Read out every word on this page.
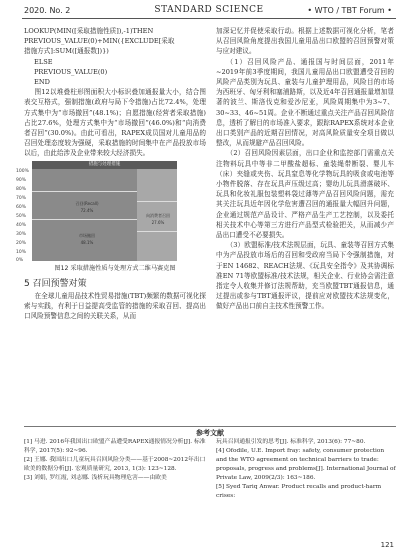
2020. No. 2	STANDARD SCIENCE	• WTO / TBT Forum •

LOOKUP(MIN([采取措施性质]),-1)THEN

PREVIOUS_VALUE(0)+MIN({EXCLUDE[采取

措施方式]:SUM([通报数])})

ELSE

PREVIOUS_VALUE(0)

END

图12以堆叠柱形图面积大小标识叠加通报量大小，结合图表交互格式，强制措施(政府与局下令措施)占比72.4%，处理方式集中为“市场撤回”(48.1%)；自愿措施(经营者采取措施)占比27.6%，处理方式集中为“市场撤回”(46.0%)和“向消费者召回”(30.0%)。由此可看出，RAPEX成员国对儿童用品的召回处理态度较为强硬，采取措施的时间集中在产品投放市场以后，由此给涉及企业带来较大经济损失。

措施与处理措施
召回(Recall)
72.4%
市场撤回
48.1%
向消费者召回
27.6%
100%
90%
80%
70%
60%
50%
40%
30%
20%
10%
0%

图12 采取措施性质与处理方式二维马赛克图

5 召回预警对策

在全球儿童用品技术性贸易措施(TBT)频繁的数据可视化探索与实践，有利于日益提高受监管的措施的采取召回、提高出口风险预警信息之间的关联关系，从而

加深记忆并促使采取行动。根据上述数据可视化分析，笔者从召回风险角度提出我国儿童用品出口欧盟的召回预警对策与应对建议。

（1）召回风险产品、通报国与时间层面，2011年~2019年前3季度期间，我国儿童用品出口欧盟遭受召回的风险产品类别为玩具、童装与儿童护理用品，风险目的市场为西班牙、匈牙利和塞浦路斯，以及近4年召回通报量增加显著的波兰、斯洛伐克和爱沙尼亚，风险周期集中为3~7、30~33、46~51周。企业不断通过重点关注产品召回风险信息，透析了解目的市场准入要求，跟踪RAPEX系统对本企业出口类别产品的近期召回情况，对高风险质量安全项目做以整改，从而规避产品召回风险。

（2）召回风险因素层面，出口企业和监控部门需重点关注物料玩具中等非二甲酸盐超标、童装绳带断裂、婴儿车（床）夹缝或夹伤、玩具窒息等化学物玩具的吸食或电池等小物件脱落、存在玩具声压级过高；婴幼儿玩具滑落破坏、玩具和化妆礼服包装塑料袋过薄等产品召回风险问题，需充其关注玩具近年因化学危害遭召回的通报量大幅回升问题，企业通过规范产品设计、严格产品生产工艺控制，以及委托相关技术中心等第三方进行产品型式检验把关，从而减少产品出口遭受不必要损失。

（3）欧盟标准/技术法规层面，玩具、童装等召回方式集中为产品投放市场后的召回和受政府当局下令强制措施，对于EN 14682、REACH法规、《玩具安全指令》及其协调标准EN 71等欧盟标准/技术法规，相关企业、行业协会需注意指定令人收集并修订法规帮助，充当欧盟TBT通报信息，通过提出或参与TBT通报评议，提前应对欧盟技术法规变化，做好产品出口前自主技术性预警工作。

参考文献

[1] 马进. 2016年我国出口欧盟产品遭受RAPEX通报情况分析[J]. 标准科学, 2017(5): 92~96.

[2] 王娜. 我国出口儿童玩具召回风险分类——基于2008~2012年出口欧美的数据分析[J]. 宏观质量研究, 2013, 1(3): 123~128.

[3] 刘娟, 罗红霞, 刘志娜. 浅析玩具物理危害——由欧美

玩具召回通报引发的思考[J]. 标准科学, 2013(6): 77~80.

[4] Ofodile, U.E. Import fray: safety, consumer protection and the WTO agreement on technical barriers to trade: proposals, progress and problems[J]. International Journal of Private Law, 2009(2/3): 163~186.

[5] Syed Tariq Anwar. Product recalls and product-harm crises:

121
